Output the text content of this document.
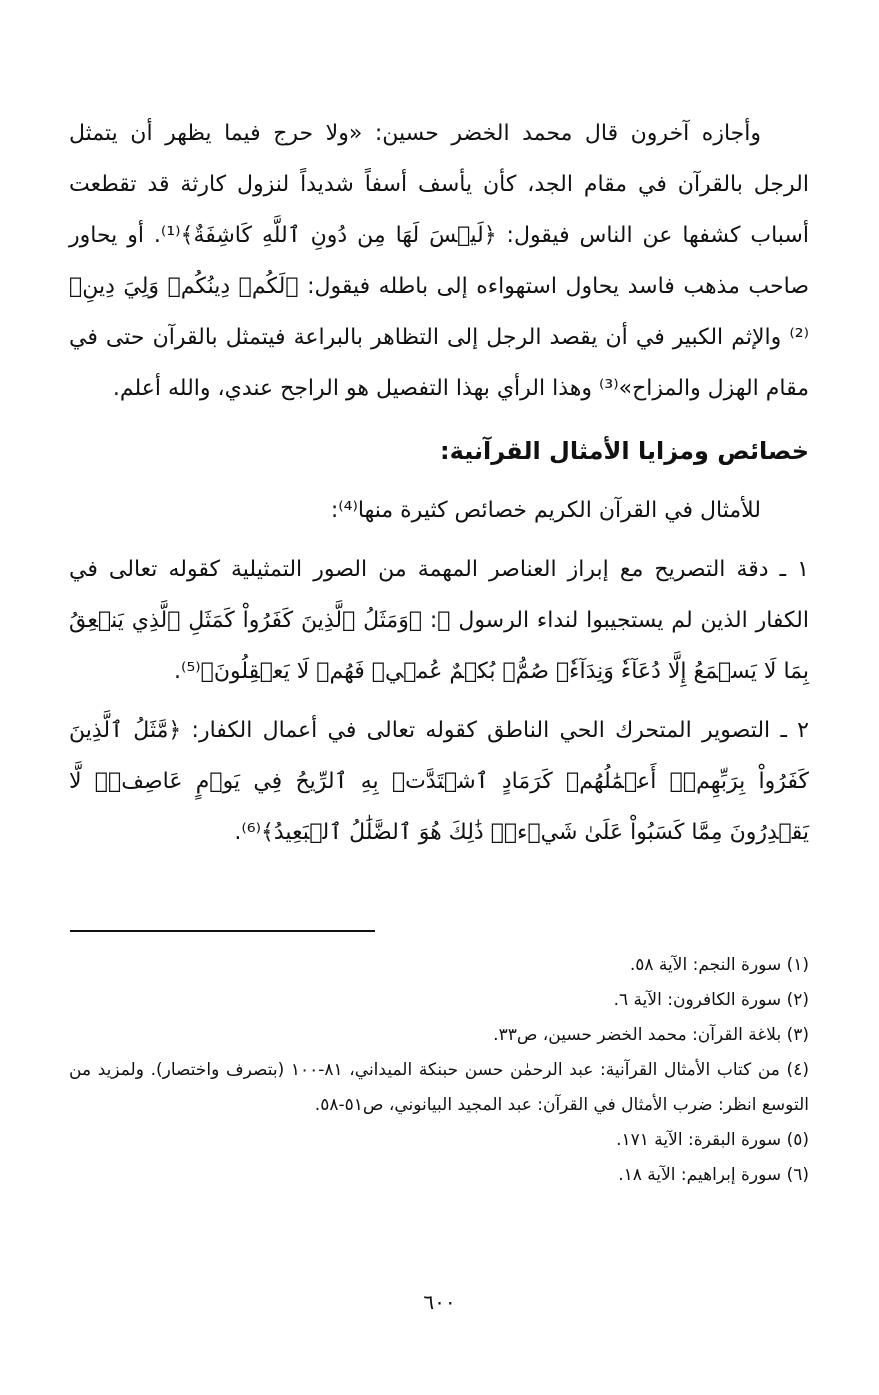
وأجازه آخرون قال محمد الخضر حسين: «ولا حرج فيما يظهر أن يتمثل الرجل بالقرآن في مقام الجد، كأن يأسف أسفاً شديداً لنزول كارثة قد تقطعت أسباب كشفها عن الناس فيقول: ﴿لَيۡسَ لَهَا مِن دُونِ ٱللَّهِ كَاشِفَةٌ﴾⁽¹⁾. أو يحاور صاحب مذهب فاسد يحاول استهواءه إلى باطله فيقول: ﴿لَكُمۡ دِينُكُمۡ وَلِيَ دِينِ﴾⁽²⁾ والإثم الكبير في أن يقصد الرجل إلى التظاهر بالبراعة فيتمثل بالقرآن حتى في مقام الهزل والمزاح»⁽³⁾ وهذا الرأي بهذا التفصيل هو الراجح عندي، والله أعلم.

خصائص ومزايا الأمثال القرآنية:

للأمثال في القرآن الكريم خصائص كثيرة منها⁽⁴⁾:

١ ـ دقة التصريح مع إبراز العناصر المهمة من الصور التمثيلية كقوله تعالى في الكفار الذين لم يستجيبوا لنداء الرسول ﷺ: ﴿وَمَثَلُ ٱلَّذِينَ كَفَرُواْ كَمَثَلِ ٱلَّذِي يَنۡعِقُ بِمَا لَا يَسۡمَعُ إِلَّا دُعَآءٗ وَنِدَآءٗۚ صُمُّۢ بُكۡمٌ عُمۡيٞ فَهُمۡ لَا يَعۡقِلُونَ﴾⁽⁵⁾.

٢ ـ التصوير المتحرك الحي الناطق كقوله تعالى في أعمال الكفار: ﴿مَّثَلُ ٱلَّذِينَ كَفَرُواْ بِرَبِّهِمۡۖ أَعۡمَٰلُهُمۡ كَرَمَادٍ ٱشۡتَدَّتۡ بِهِ ٱلرِّيحُ فِي يَوۡمٍ عَاصِفٖۖ لَّا يَقۡدِرُونَ مِمَّا كَسَبُواْ عَلَىٰ شَيۡءٖۚ ذَٰلِكَ هُوَ ٱلضَّلَٰلُ ٱلۡبَعِيدُ﴾⁽⁶⁾.

(١) سورة النجم: الآية ٥٨.

(٢) سورة الكافرون: الآية ٦.

(٣) بلاغة القرآن: محمد الخضر حسين، ص٣٣.

(٤) من كتاب الأمثال القرآنية: عبد الرحمٰن حسن حبنكة الميداني، ٨١-١٠٠ (بتصرف واختصار). ولمزيد من التوسع انظر: ضرب الأمثال في القرآن: عبد المجيد البيانوني، ص٥١-٥٨.

(٥) سورة البقرة: الآية ١٧١.

(٦) سورة إبراهيم: الآية ١٨.

٦٠٠
